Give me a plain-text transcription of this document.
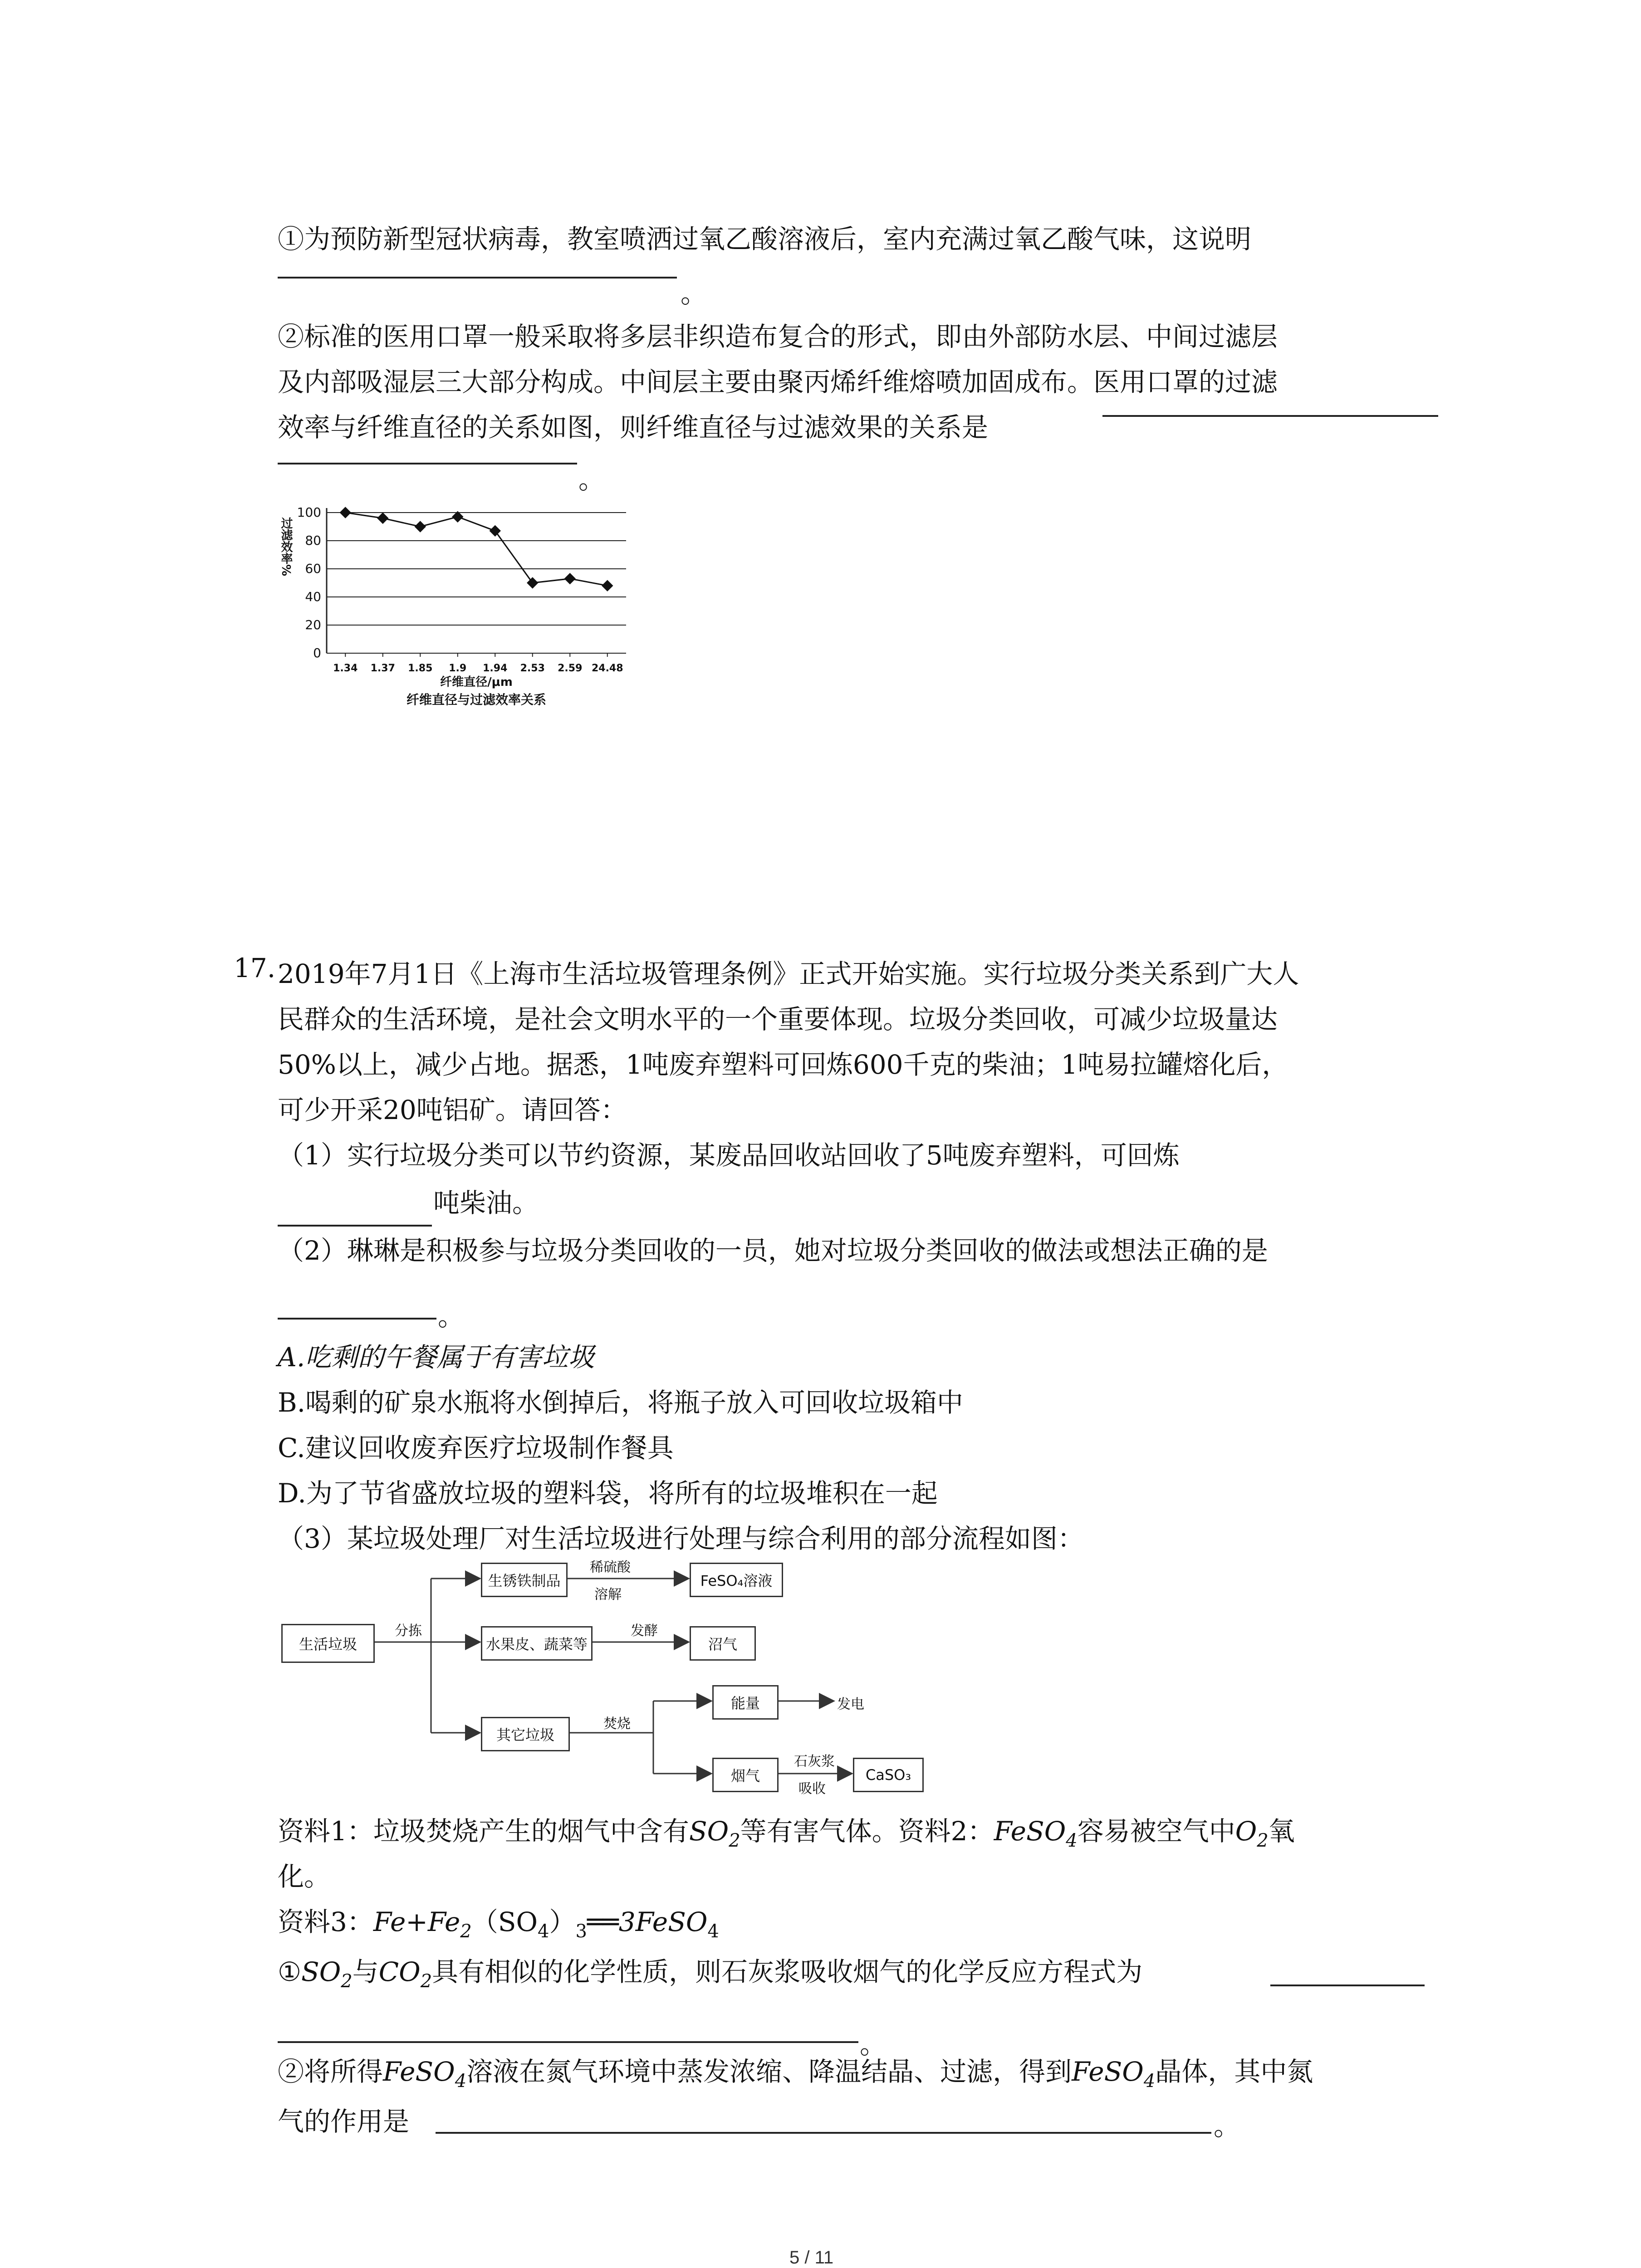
①为预防新型冠状病毒，教室喷洒过氧乙酸溶液后，室内充满过氧乙酸气味，这说明
。
②标准的医用口罩一般采取将多层非织造布复合的形式，即由外部防水层、中间过滤层
及内部吸湿层三大部分构成。中间层主要由聚丙烯纤维熔喷加固成布。医用口罩的过滤
效率与纤维直径的关系如图，则纤维直径与过滤效果的关系是
。
0
20
40
60
80
100
1.34 1.37 1.85 1.9 1.94 2.53 2.59 24.48
纤维直径/μm
纤维直径与过滤效率关系
过滤效率%
17. 2019年7月1日《上海市生活垃圾管理条例》正式开始实施。实行垃圾分类关系到广大人
民群众的生活环境，是社会文明水平的一个重要体现。垃圾分类回收，可减少垃圾量达
50%以上，减少占地。据悉，1吨废弃塑料可回炼600千克的柴油；1吨易拉罐熔化后，
可少开采20吨铝矿。请回答：
（1）实行垃圾分类可以节约资源，某废品回收站回收了5吨废弃塑料，可回炼
吨柴油。
（2）琳琳是积极参与垃圾分类回收的一员，她对垃圾分类回收的做法或想法正确的是
。
A.吃剩的午餐属于有害垃圾
B.喝剩的矿泉水瓶将水倒掉后，将瓶子放入可回收垃圾箱中
C.建议回收废弃医疗垃圾制作餐具
D.为了节省盛放垃圾的塑料袋，将所有的垃圾堆积在一起
（3）某垃圾处理厂对生活垃圾进行处理与综合利用的部分流程如图：
生活垃圾
分拣
生锈铁制品
稀硫酸
溶解
FeSO₄溶液
水果皮、蔬菜等
发酵
沼气
其它垃圾
焚烧
能量	发电
烟气
石灰浆
吸收
CaSO₃
资料1：垃圾焚烧产生的烟气中含有$SO_2$等有害气体。资料2：FeSO$_4$容易被空气中$O_2$氧
化。
资料3：$Fe+Fe_2(SO_4)_3══3FeSO_4$
$①SO_2$与$CO_2$具有相似的化学性质，则石灰浆吸收烟气的化学反应方程式为
。
②将所得FeSO$_4$溶液在氮气环境中蒸发浓缩、降温结晶、过滤，得到FeSO$_4$晶体，其中氮
气的作用是	。
5 / 11
